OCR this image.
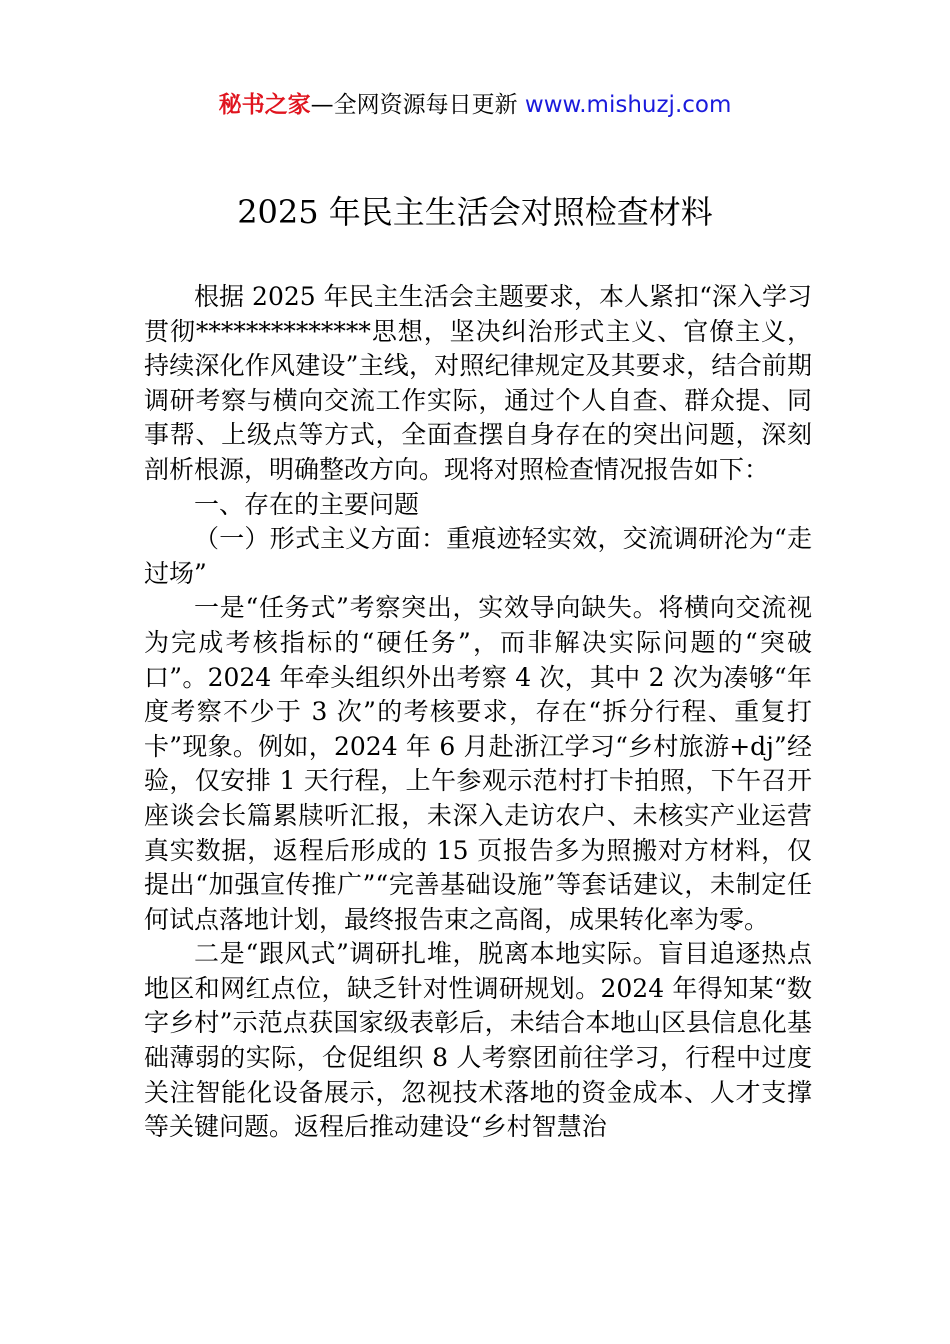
秘书之家—全网资源每日更新 www.mishuzj.com
2025 年民主生活会对照检查材料

根据 2025 年民主生活会主题要求，本人紧扣“深入学习贯彻**************思想，坚决纠治形式主义、官僚主义，持续深化作风建设”主线，对照纪律规定及其要求，结合前期调研考察与横向交流工作实际，通过个人自查、群众提、同事帮、上级点等方式，全面查摆自身存在的突出问题，深刻剖析根源，明确整改方向。现将对照检查情况报告如下：

一、存在的主要问题

（一）形式主义方面：重痕迹轻实效，交流调研沦为“走过场”

一是“任务式”考察突出，实效导向缺失。将横向交流视为完成考核指标的“硬任务”，而非解决实际问题的“突破口”。2024 年牵头组织外出考察 4 次，其中 2 次为凑够“年度考察不少于 3 次”的考核要求，存在“拆分行程、重复打卡”现象。例如，2024 年 6 月赴浙江学习“乡村旅游+dj”经验，仅安排 1 天行程，上午参观示范村打卡拍照，下午召开座谈会长篇累牍听汇报，未深入走访农户、未核实产业运营真实数据，返程后形成的 15 页报告多为照搬对方材料，仅提出“加强宣传推广”“完善基础设施”等套话建议，未制定任何试点落地计划，最终报告束之高阁，成果转化率为零。

二是“跟风式”调研扎堆，脱离本地实际。盲目追逐热点地区和网红点位，缺乏针对性调研规划。2024 年得知某“数字乡村”示范点获国家级表彰后，未结合本地山区县信息化基础薄弱的实际，仓促组织 8 人考察团前往学习，行程中过度关注智能化设备展示，忽视技术落地的资金成本、人才支撑等关键问题。返程后推动建设“乡村智慧治
